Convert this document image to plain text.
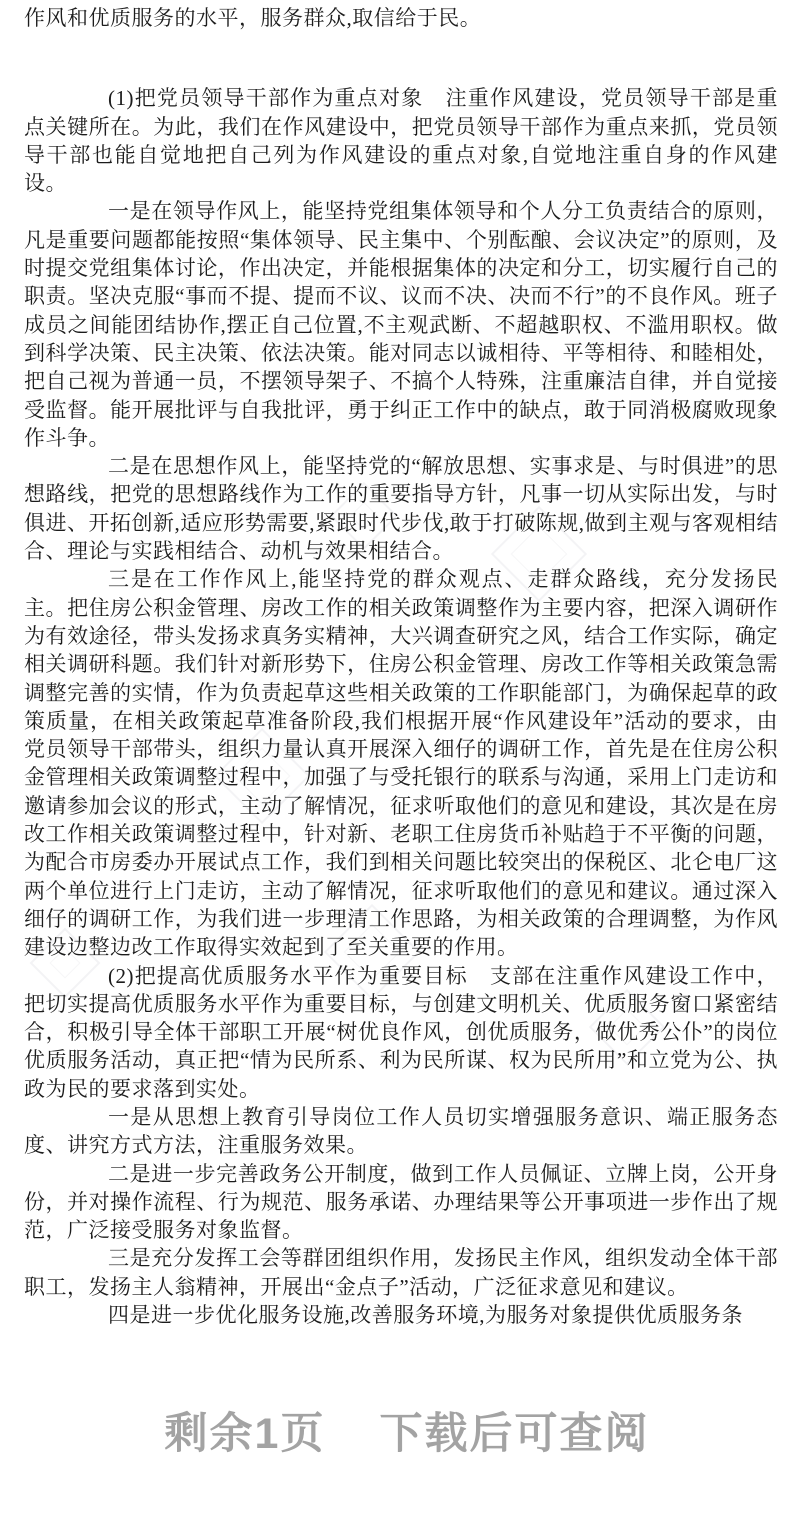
作风和优质服务的水平，服务群众,取信给于民。

(1)把党员领导干部作为重点对象　注重作风建设，党员领导干部是重点关键所在。为此，我们在作风建设中，把党员领导干部作为重点来抓，党员领导干部也能自觉地把自己列为作风建设的重点对象,自觉地注重自身的作风建设。

一是在领导作风上，能坚持党组集体领导和个人分工负责结合的原则，凡是重要问题都能按照“集体领导、民主集中、个别酝酿、会议决定”的原则，及时提交党组集体讨论，作出决定，并能根据集体的决定和分工，切实履行自己的职责。坚决克服“事而不提、提而不议、议而不决、决而不行”的不良作风。班子成员之间能团结协作,摆正自己位置,不主观武断、不超越职权、不滥用职权。做到科学决策、民主决策、依法决策。能对同志以诚相待、平等相待、和睦相处，把自己视为普通一员，不摆领导架子、不搞个人特殊，注重廉洁自律，并自觉接受监督。能开展批评与自我批评，勇于纠正工作中的缺点，敢于同消极腐败现象作斗争。

二是在思想作风上，能坚持党的“解放思想、实事求是、与时俱进”的思想路线，把党的思想路线作为工作的重要指导方针，凡事一切从实际出发，与时俱进、开拓创新,适应形势需要,紧跟时代步伐,敢于打破陈规,做到主观与客观相结合、理论与实践相结合、动机与效果相结合。

三是在工作作风上,能坚持党的群众观点、走群众路线，充分发扬民主。把住房公积金管理、房改工作的相关政策调整作为主要内容，把深入调研作为有效途径，带头发扬求真务实精神，大兴调查研究之风，结合工作实际，确定相关调研科题。我们针对新形势下，住房公积金管理、房改工作等相关政策急需调整完善的实情，作为负责起草这些相关政策的工作职能部门，为确保起草的政策质量，在相关政策起草准备阶段,我们根据开展“作风建设年”活动的要求，由党员领导干部带头，组织力量认真开展深入细仔的调研工作，首先是在住房公积金管理相关政策调整过程中，加强了与受托银行的联系与沟通，采用上门走访和邀请参加会议的形式，主动了解情况，征求听取他们的意见和建设，其次是在房改工作相关政策调整过程中，针对新、老职工住房货币补贴趋于不平衡的问题，为配合市房委办开展试点工作，我们到相关问题比较突出的保税区、北仑电厂这两个单位进行上门走访，主动了解情况，征求听取他们的意见和建议。通过深入细仔的调研工作，为我们进一步理清工作思路，为相关政策的合理调整，为作风建设边整边改工作取得实效起到了至关重要的作用。

(2)把提高优质服务水平作为重要目标　支部在注重作风建设工作中，把切实提高优质服务水平作为重要目标，与创建文明机关、优质服务窗口紧密结合，积极引导全体干部职工开展“树优良作风，创优质服务，做优秀公仆”的岗位优质服务活动，真正把“情为民所系、利为民所谋、权为民所用”和立党为公、执政为民的要求落到实处。

一是从思想上教育引导岗位工作人员切实增强服务意识、端正服务态度、讲究方式方法，注重服务效果。

二是进一步完善政务公开制度，做到工作人员佩证、立牌上岗，公开身份，并对操作流程、行为规范、服务承诺、办理结果等公开事项进一步作出了规范，广泛接受服务对象监督。

三是充分发挥工会等群团组织作用，发扬民主作风，组织发动全体干部职工，发扬主人翁精神，开展出“金点子”活动，广泛征求意见和建议。

四是进一步优化服务设施,改善服务环境,为服务对象提供优质服务条

剩余1页 下载后可查阅
